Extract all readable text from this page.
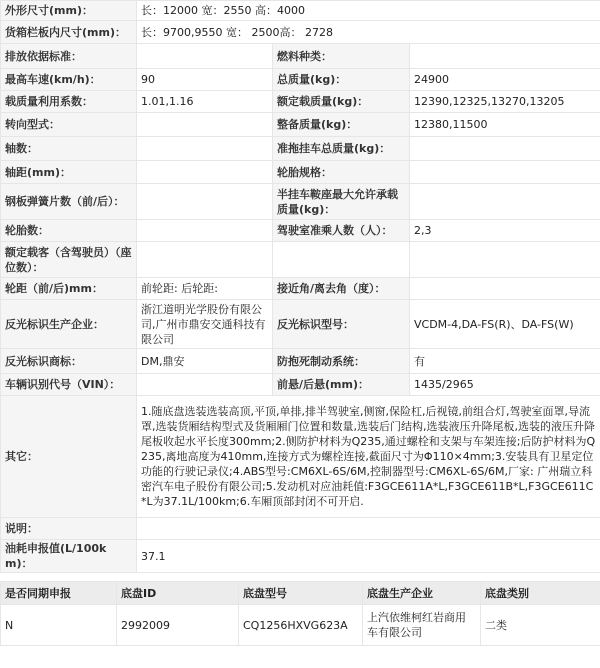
外形尺寸(mm)：	长：12000 宽：2550 高：4000		
货箱栏板内尺寸(mm)：	长：9700,9550 宽： 2500高： 2728		
排放依据标准：		燃料种类：	
最高车速(km/h)：	90	总质量(kg)：	24900
载质量利用系数：	1.01,1.16	额定载质量(kg)：	12390,12325,13270,13205
转向型式：		整备质量(kg)：	12380,11500
轴数：		准拖挂车总质量(kg)：	
轴距(mm)：		轮胎规格：	
钢板弹簧片数（前/后）：		半挂车鞍座最大允许承载质量(kg)：	
轮胎数：		驾驶室准乘人数（人）：	2,3
额定载客（含驾驶员）（座位数）：			
轮距（前/后)mm：	前轮距: 后轮距:	接近角/离去角（度）：	
反光标识生产企业：	浙江道明光学股份有限公司,广州市鼎安交通科技有限公司	反光标识型号：	VCDM-4,DA-FS(R)、DA-FS(W)
反光标识商标：	DM,鼎安	防抱死制动系统：	有
车辆识别代号（VIN）：		前悬/后悬(mm)：	1435/2965
其它：	1.随底盘选装选装高顶,平顶,单排,排半驾驶室,侧窗,保险杠,后视镜,前组合灯,驾驶室面罩,导流罩,选装货厢结构型式及货厢厢门位置和数量,选装后门结构,选装液压升降尾板,选装的液压升降尾板收起水平长度300mm;2.侧防护材料为Q235,通过螺栓和支架与车架连接;后防护材料为Q235,离地高度为410mm,连接方式为螺栓连接,截面尺寸为Φ110×4mm;3.安装具有卫星定位功能的行驶记录仪;4.ABS型号:CM6XL-6S/6M,控制器型号:CM6XL-6S/6M,厂家: 广州瑞立科密汽车电子股份有限公司;5.发动机对应油耗值:F3GCE611A*L,F3GCE611B*L,F3GCE611C*L为37.1L/100km;6.车厢顶部封闭不可开启.		
说明：			
油耗申报值(L/100km)：	37.1		
是否同期申报	底盘ID	底盘型号	底盘生产企业	底盘类别
N	2992009	CQ1256HXVG623A	上汽依维柯红岩商用车有限公司	二类
